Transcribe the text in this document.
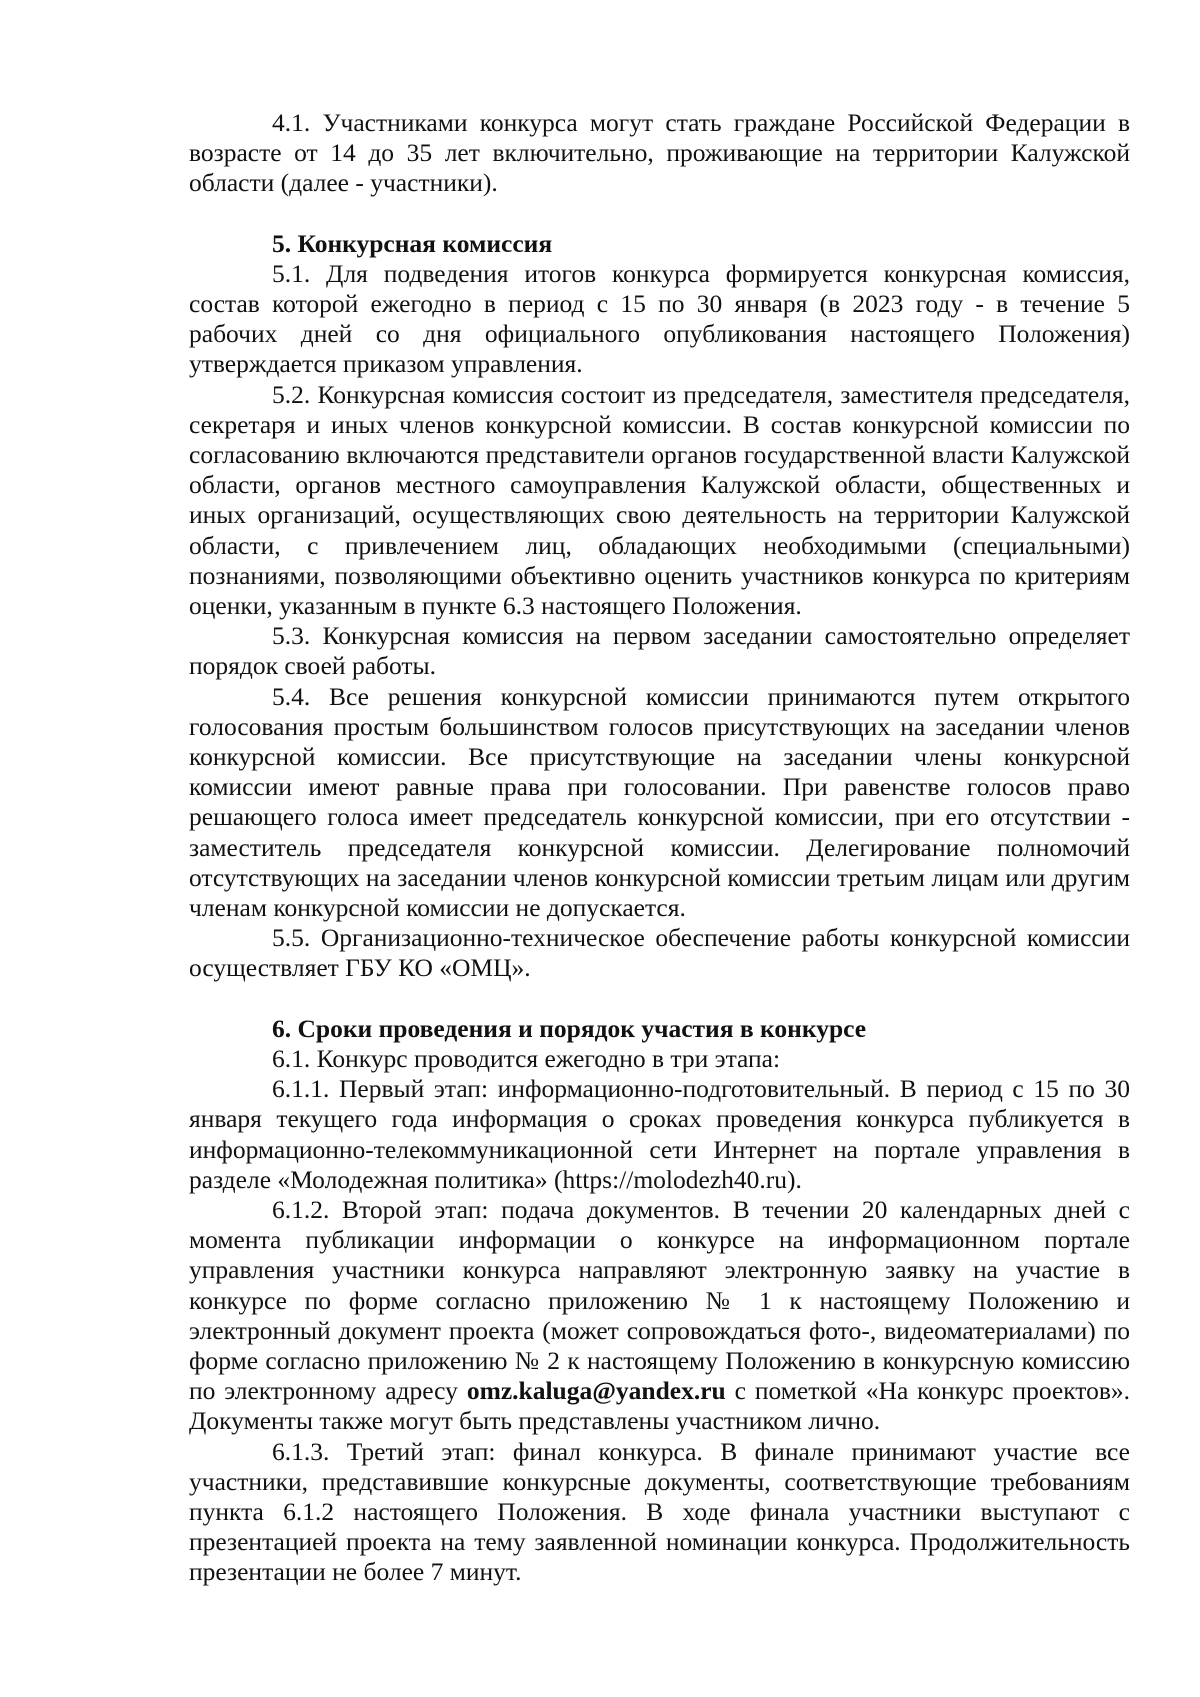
4.1. Участниками конкурса могут стать граждане Российской Федерации в возрасте от 14 до 35 лет включительно, проживающие на территории Калужской области (далее - участники).

5. Конкурсная комиссия

5.1. Для подведения итогов конкурса формируется конкурсная комиссия, состав которой ежегодно в период с 15 по 30 января (в 2023 году - в течение 5 рабочих дней со дня официального опубликования настоящего Положения) утверждается приказом управления.

5.2. Конкурсная комиссия состоит из председателя, заместителя председателя, секретаря и иных членов конкурсной комиссии. В состав конкурсной комиссии по согласованию включаются представители органов государственной власти Калужской области, органов местного самоуправления Калужской области, общественных и иных организаций, осуществляющих свою деятельность на территории Калужской области, с привлечением лиц, обладающих необходимыми (специальными) познаниями, позволяющими объективно оценить участников конкурса по критериям оценки, указанным в пункте 6.3 настоящего Положения.

5.3. Конкурсная комиссия на первом заседании самостоятельно определяет порядок своей работы.

5.4. Все решения конкурсной комиссии принимаются путем открытого голосования простым большинством голосов присутствующих на заседании членов конкурсной комиссии. Все присутствующие на заседании члены конкурсной комиссии имеют равные права при голосовании. При равенстве голосов право решающего голоса имеет председатель конкурсной комиссии, при его отсутствии - заместитель председателя конкурсной комиссии. Делегирование полномочий отсутствующих на заседании членов конкурсной комиссии третьим лицам или другим членам конкурсной комиссии не допускается.

5.5. Организационно-техническое обеспечение работы конкурсной комиссии осуществляет ГБУ КО «ОМЦ».

6. Сроки проведения и порядок участия в конкурсе

6.1. Конкурс проводится ежегодно в три этапа:

6.1.1. Первый этап: информационно-подготовительный. В период с 15 по 30 января текущего года информация о сроках проведения конкурса публикуется в информационно-телекоммуникационной сети Интернет на портале управления в разделе «Молодежная политика» (https://molodezh40.ru).

6.1.2. Второй этап: подача документов. В течении 20 календарных дней с момента публикации информации о конкурсе на информационном портале управления участники конкурса направляют электронную заявку на участие в конкурсе по форме согласно приложению № 1 к настоящему Положению и электронный документ проекта (может сопровождаться фото-, видеоматериалами) по форме согласно приложению № 2 к настоящему Положению в конкурсную комиссию по электронному адресу omz.kaluga@yandex.ru с пометкой «На конкурс проектов». Документы также могут быть представлены участником лично.

6.1.3. Третий этап: финал конкурса. В финале принимают участие все участники, представившие конкурсные документы, соответствующие требованиям пункта 6.1.2 настоящего Положения. В ходе финала участники выступают с презентацией проекта на тему заявленной номинации конкурса. Продолжительность презентации не более 7 минут.
